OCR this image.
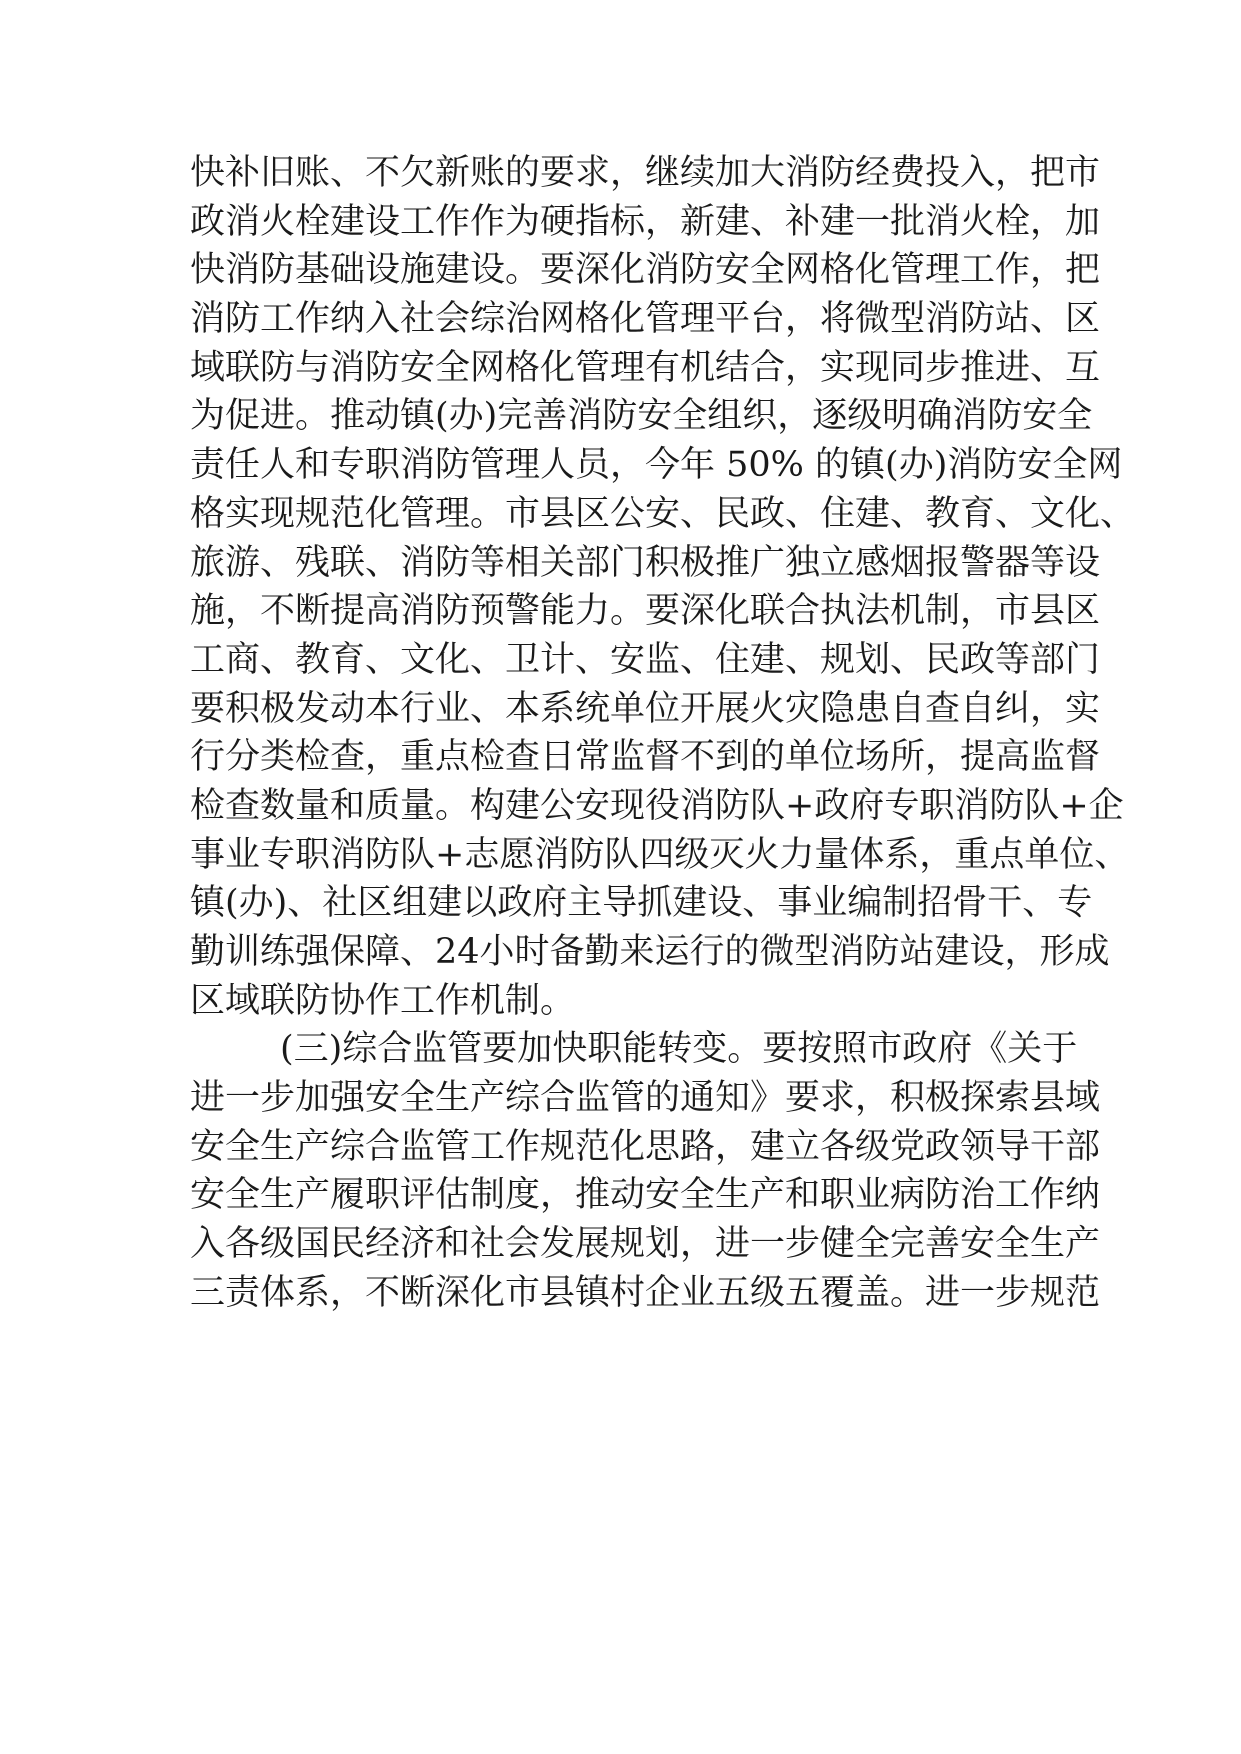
快补旧账、不欠新账的要求，继续加大消防经费投入，把市
政消火栓建设工作作为硬指标，新建、补建一批消火栓，加
快消防基础设施建设。要深化消防安全网格化管理工作，把
消防工作纳入社会综治网格化管理平台，将微型消防站、区
域联防与消防安全网格化管理有机结合，实现同步推进、互
为促进。推动镇(办)完善消防安全组织，逐级明确消防安全
责任人和专职消防管理人员，今年 50% 的镇(办)消防安全网
格实现规范化管理。市县区公安、民政、住建、教育、文化、
旅游、残联、消防等相关部门积极推广独立感烟报警器等设
施，不断提高消防预警能力。要深化联合执法机制，市县区
工商、教育、文化、卫计、安监、住建、规划、民政等部门
要积极发动本行业、本系统单位开展火灾隐患自查自纠，实
行分类检查，重点检查日常监督不到的单位场所，提高监督
检查数量和质量。构建公安现役消防队+政府专职消防队+企
事业专职消防队+志愿消防队四级灭火力量体系，重点单位、
镇(办)、社区组建以政府主导抓建设、事业编制招骨干、专
勤训练强保障、24小时备勤来运行的微型消防站建设，形成
区域联防协作工作机制。
(三)综合监管要加快职能转变。要按照市政府《关于
进一步加强安全生产综合监管的通知》要求，积极探索县域
安全生产综合监管工作规范化思路，建立各级党政领导干部
安全生产履职评估制度，推动安全生产和职业病防治工作纳
入各级国民经济和社会发展规划，进一步健全完善安全生产
三责体系，不断深化市县镇村企业五级五覆盖。进一步规范
